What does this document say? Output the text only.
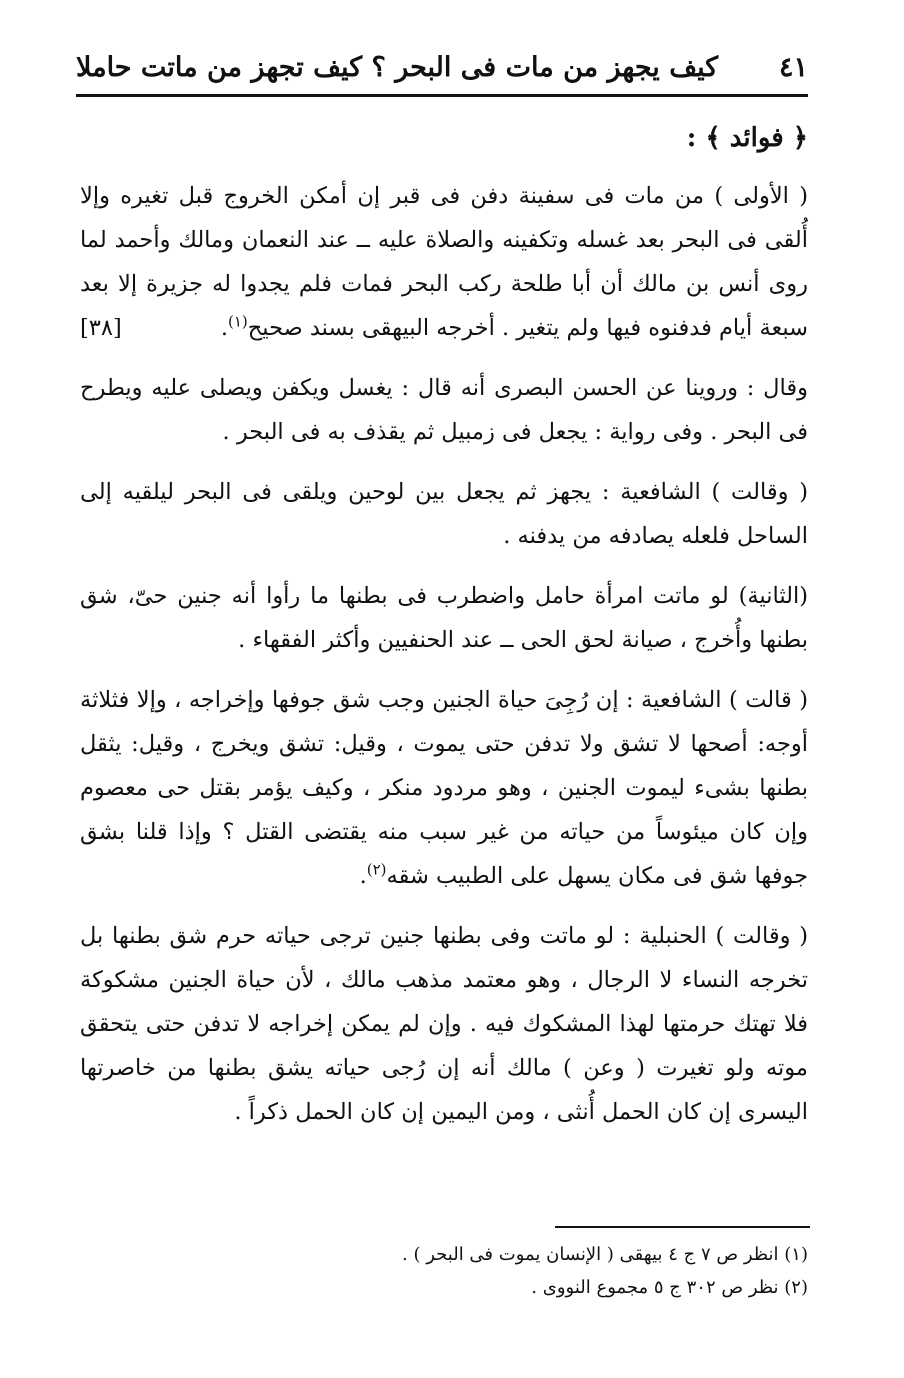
كيف يجهز من مات فى البحر ؟ كيف تجهز من ماتت حاملا ٤١

﴿ فوائد ﴾ :

( الأولى ) من مات فى سفينة دفن فى قبر إن أمكن الخروج قبل تغيره وإلا أُلقى فى البحر بعد غسله وتكفينه والصلاة عليه ــ عند النعمان ومالك وأحمد لما روى أنس بن مالك أن أبا طلحة ركب البحر فمات فلم يجدوا له جزيرة إلا بعد سبعة أيام فدفنوه فيها ولم يتغير . أخرجه البيهقى بسند صحيح$^{(١)}$.
[٣٨]

وقال : وروينا عن الحسن البصرى أنه قال : يغسل ويكفن ويصلى عليه ويطرح فى البحر . وفى رواية : يجعل فى زمبيل ثم يقذف به فى البحر .

( وقالت ) الشافعية : يجهز ثم يجعل بين لوحين ويلقى فى البحر ليلقيه إلى الساحل فلعله يصادفه من يدفنه .

(الثانية) لو ماتت امرأة حامل واضطرب فى بطنها ما رأوا أنه جنين حىّ، شق بطنها وأُخرج ، صيانة لحق الحى ــ عند الحنفيين وأكثر الفقهاء .

( قالت ) الشافعية : إن رُجِىَ حياة الجنين وجب شق جوفها وإخراجه ، وإلا فثلاثة أوجه: أصحها لا تشق ولا تدفن حتى يموت ، وقيل: تشق ويخرج ، وقيل: يثقل بطنها بشىء ليموت الجنين ، وهو مردود منكر ، وكيف يؤمر بقتل حى معصوم وإن كان ميئوساً من حياته من غير سبب منه يقتضى القتل ؟ وإذا قلنا بشق جوفها شق فى مكان يسهل على الطبيب شقه$^{(٢)}$.

( وقالت ) الحنبلية : لو ماتت وفى بطنها جنين ترجى حياته حرم شق بطنها بل تخرجه النساء لا الرجال ، وهو معتمد مذهب مالك ، لأن حياة الجنين مشكوكة فلا تهتك حرمتها لهذا المشكوك فيه . وإن لم يمكن إخراجه لا تدفن حتى يتحقق موته ولو تغيرت ( وعن ) مالك أنه إن رُجى حياته يشق بطنها من خاصرتها اليسرى إن كان الحمل أُنثى ، ومن اليمين إن كان الحمل ذكراً .

(١) انظر ص ٧ ج ٤ بيهقى ( الإنسان يموت فى البحر ) .
(٢) نظر ص ٣٠٢ ج ٥ مجموع النووى .
